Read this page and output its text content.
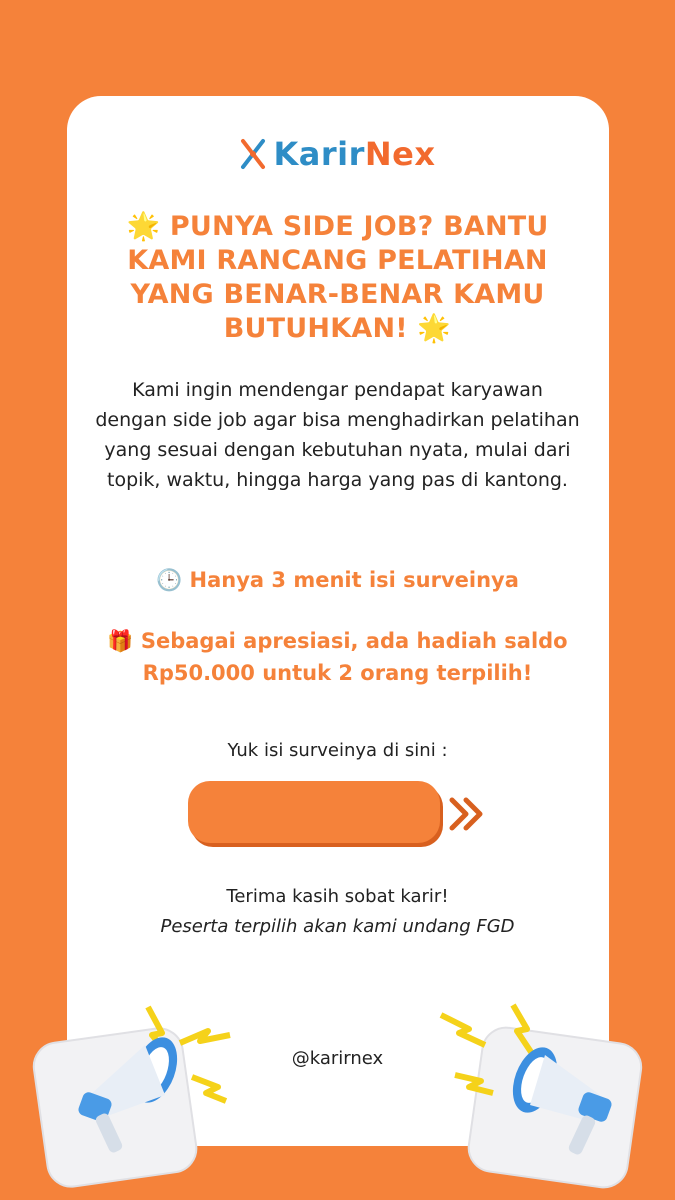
KarirNex
🌟 PUNYA SIDE JOB? BANTU KAMI RANCANG PELATIHAN YANG BENAR-BENAR KAMU BUTUHKAN! 🌟
Kami ingin mendengar pendapat karyawan dengan side job agar bisa menghadirkan pelatihan yang sesuai dengan kebutuhan nyata, mulai dari topik, waktu, hingga harga yang pas di kantong.
🕒 Hanya 3 menit isi surveinya
🎁 Sebagai apresiasi, ada hadiah saldo Rp50.000 untuk 2 orang terpilih!
Yuk isi surveinya di sini :
Terima kasih sobat karir!
Peserta terpilih akan kami undang FGD
@karirnex
